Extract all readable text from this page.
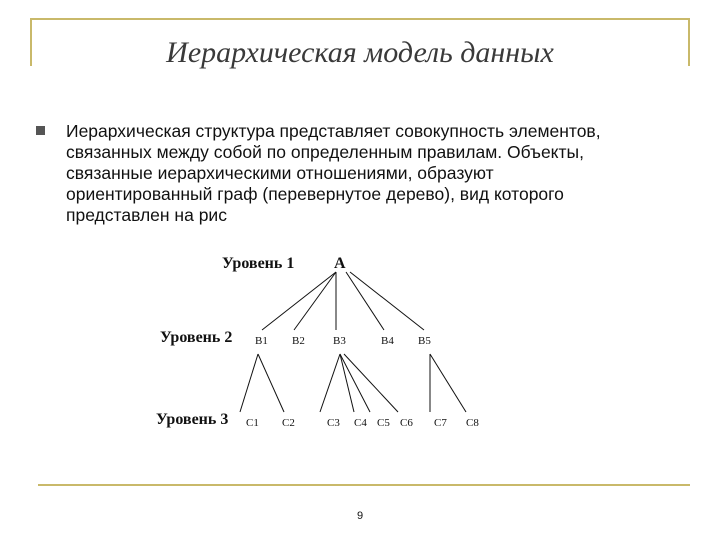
Иерархическая модель данных
Иерархическая структура представляет совокупность элементов,
связанных между собой по определенным правилам. Объекты,
связанные иерархическими отношениями, образуют
ориентированный граф (перевернутое дерево), вид которого
представлен на рис
Уровень 1
Уровень 2
Уровень 3
A
B1 B2	B3	B4 B5
C1 C2	C3 C4 C5 C6 C7 C8
9
